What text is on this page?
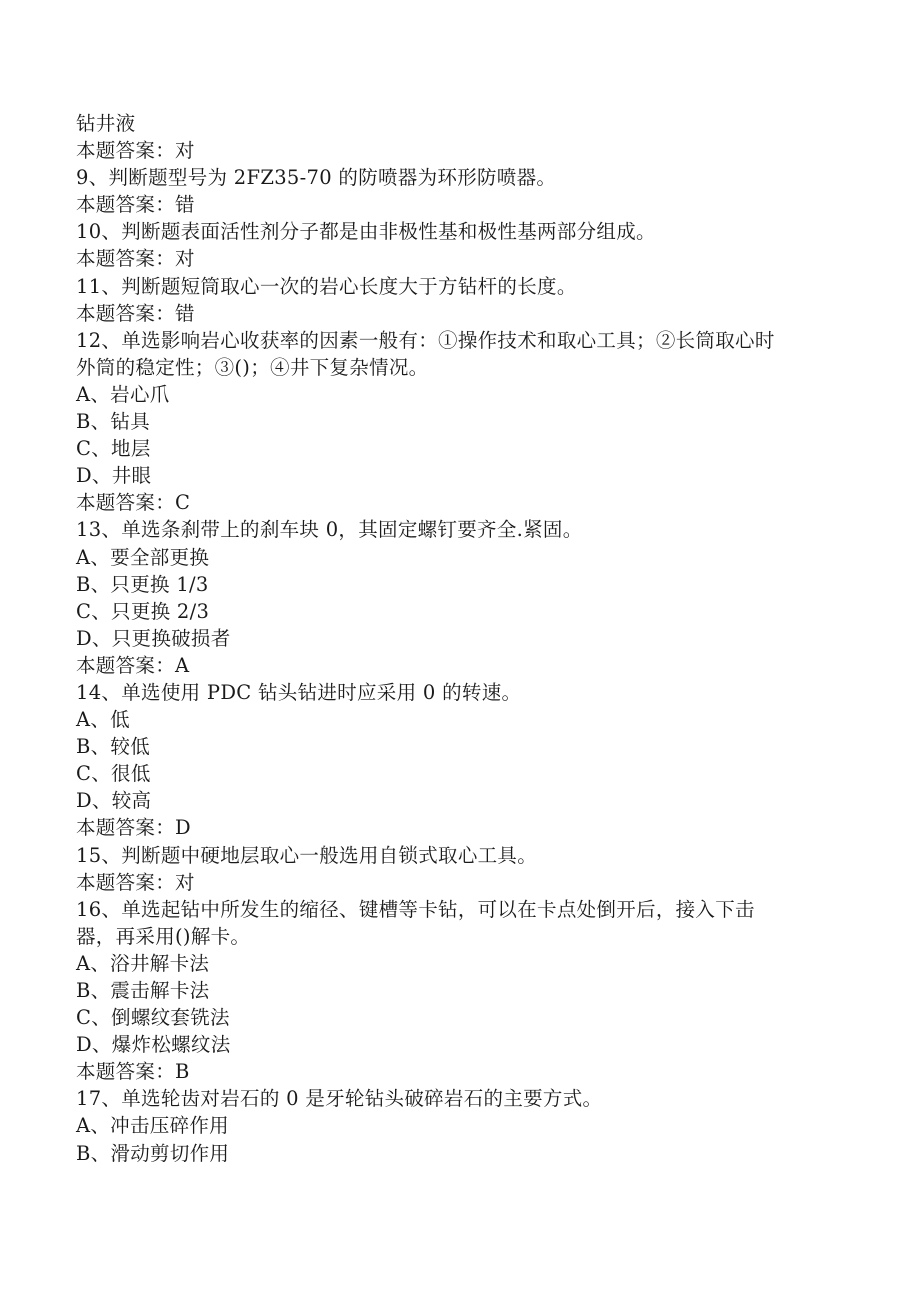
钻井液
本题答案：对
9、判断题型号为 2FZ35-70 的防喷器为环形防喷器。
本题答案：错
10、判断题表面活性剂分子都是由非极性基和极性基两部分组成。
本题答案：对
11、判断题短筒取心一次的岩心长度大于方钻杆的长度。
本题答案：错
12、单选影响岩心收获率的因素一般有：①操作技术和取心工具；②长筒取心时
外筒的稳定性；③()；④井下复杂情况。
A、岩心爪
B、钻具
C、地层
D、井眼
本题答案：C
13、单选条刹带上的刹车块 0，其固定螺钉要齐全.紧固。
A、要全部更换
B、只更换 1/3
C、只更换 2/3
D、只更换破损者
本题答案：A
14、单选使用 PDC 钻头钻进时应采用 0 的转速。
A、低
B、较低
C、很低
D、较高
本题答案：D
15、判断题中硬地层取心一般选用自锁式取心工具。
本题答案：对
16、单选起钻中所发生的缩径、键槽等卡钻，可以在卡点处倒开后，接入下击
器，再采用()解卡。
A、浴井解卡法
B、震击解卡法
C、倒螺纹套铣法
D、爆炸松螺纹法
本题答案：B
17、单选轮齿对岩石的 0 是牙轮钻头破碎岩石的主要方式。
A、冲击压碎作用
B、滑动剪切作用
